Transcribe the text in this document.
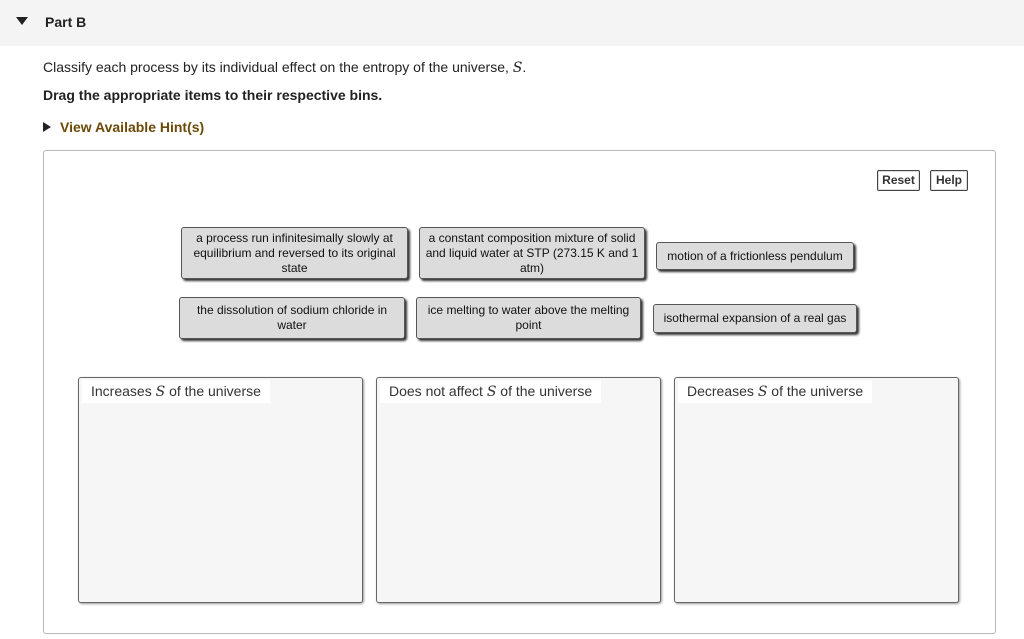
Part B
Classify each process by its individual effect on the entropy of the universe, S.
Drag the appropriate items to their respective bins.
View Available Hint(s)
Reset	Help
a process run infinitesimally slowly at equilibrium and reversed to its original state
a constant composition mixture of solid and liquid water at STP (273.15 K and 1 atm)
motion of a frictionless pendulum
the dissolution of sodium chloride in water
ice melting to water above the melting point	isothermal expansion of a real gas
Increases S of the universe	Does not affect S of the universe	Decreases S of the universe
